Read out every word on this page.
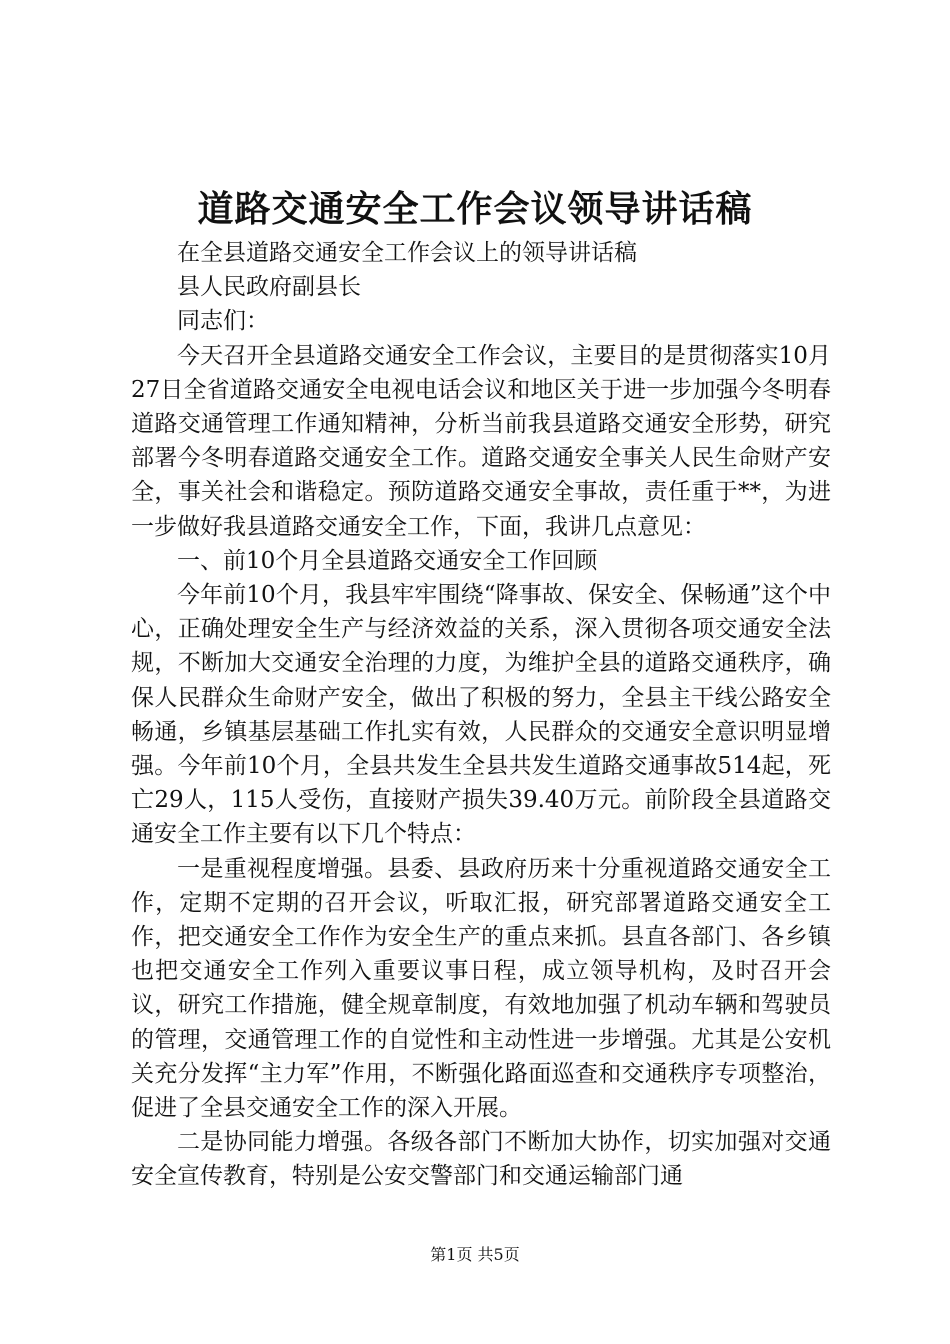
道路交通安全工作会议领导讲话稿

在全县道路交通安全工作会议上的领导讲话稿

县人民政府副县长

同志们：

今天召开全县道路交通安全工作会议，主要目的是贯彻落实10月27日全省道路交通安全电视电话会议和地区关于进一步加强今冬明春道路交通管理工作通知精神，分析当前我县道路交通安全形势，研究部署今冬明春道路交通安全工作。道路交通安全事关人民生命财产安全，事关社会和谐稳定。预防道路交通安全事故，责任重于**，为进一步做好我县道路交通安全工作，下面，我讲几点意见：

一、前10个月全县道路交通安全工作回顾

今年前10个月，我县牢牢围绕“降事故、保安全、保畅通”这个中心，正确处理安全生产与经济效益的关系，深入贯彻各项交通安全法规，不断加大交通安全治理的力度，为维护全县的道路交通秩序，确保人民群众生命财产安全，做出了积极的努力，全县主干线公路安全畅通，乡镇基层基础工作扎实有效，人民群众的交通安全意识明显增强。今年前10个月，全县共发生全县共发生道路交通事故514起，死亡29人，115人受伤，直接财产损失39.40万元。前阶段全县道路交通安全工作主要有以下几个特点：

一是重视程度增强。县委、县政府历来十分重视道路交通安全工作，定期不定期的召开会议，听取汇报，研究部署道路交通安全工作，把交通安全工作作为安全生产的重点来抓。县直各部门、各乡镇也把交通安全工作列入重要议事日程，成立领导机构，及时召开会议，研究工作措施，健全规章制度，有效地加强了机动车辆和驾驶员的管理，交通管理工作的自觉性和主动性进一步增强。尤其是公安机关充分发挥“主力军”作用，不断强化路面巡查和交通秩序专项整治，促进了全县交通安全工作的深入开展。

二是协同能力增强。各级各部门不断加大协作，切实加强对交通安全宣传教育，特别是公安交警部门和交通运输部门通

第1页 共5页
